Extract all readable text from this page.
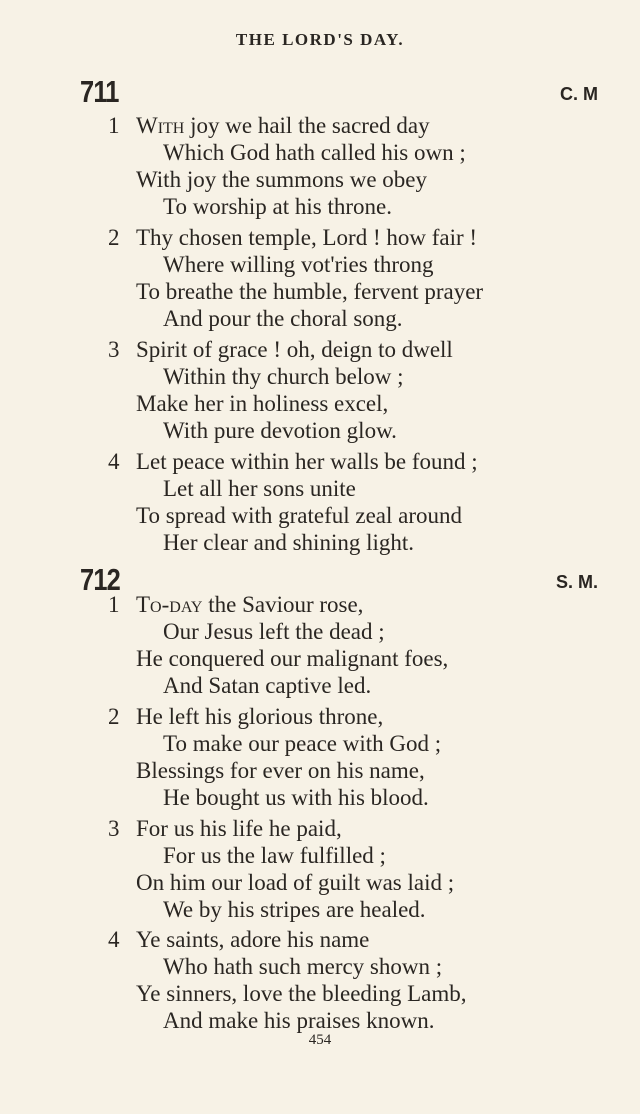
THE LORD'S DAY.
711	C. M
1 With joy we hail the sacred day
Which God hath called his own ;
With joy the summons we obey
To worship at his throne.
2 Thy chosen temple, Lord ! how fair !
Where willing vot'ries throng
To breathe the humble, fervent prayer
And pour the choral song.
3 Spirit of grace ! oh, deign to dwell
Within thy church below ;
Make her in holiness excel,
With pure devotion glow.
4 Let peace within her walls be found ;
Let all her sons unite
To spread with grateful zeal around
Her clear and shining light.
712	S. M.
1 To-day the Saviour rose,
Our Jesus left the dead ;
He conquered our malignant foes,
And Satan captive led.
2 He left his glorious throne,
To make our peace with God ;
Blessings for ever on his name,
He bought us with his blood.
3 For us his life he paid,
For us the law fulfilled ;
On him our load of guilt was laid ;
We by his stripes are healed.
4 Ye saints, adore his name
Who hath such mercy shown ;
Ye sinners, love the bleeding Lamb,
And make his praises known.
454
